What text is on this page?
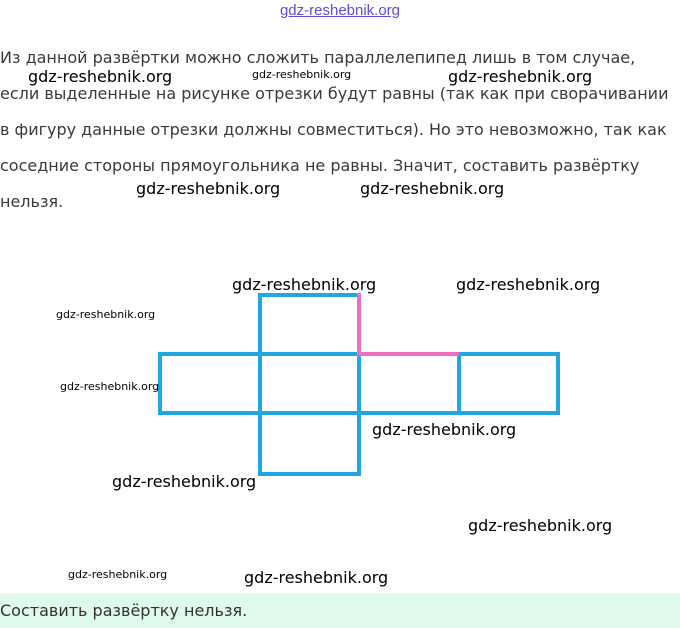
gdz-reshebnik.org
Из данной развёртки можно сложить параллелепипед лишь в том случае, если выделенные на рисунке отрезки будут равны (так как при сворачивании в фигуру данные отрезки должны совместиться). Но это невозможно, так как соседние стороны прямоугольника не равны. Значит, составить развёртку нельзя.
gdz-reshebnik.org	gdz-reshebnik.org	gdz-reshebnik.org
gdz-reshebnik.org	gdz-reshebnik.org
gdz-reshebnik.org	gdz-reshebnik.org
gdz-reshebnik.org
gdz-reshebnik.org
gdz-reshebnik.org
gdz-reshebnik.org
gdz-reshebnik.org
gdz-reshebnik.org	gdz-reshebnik.org
Составить развёртку нельзя.
